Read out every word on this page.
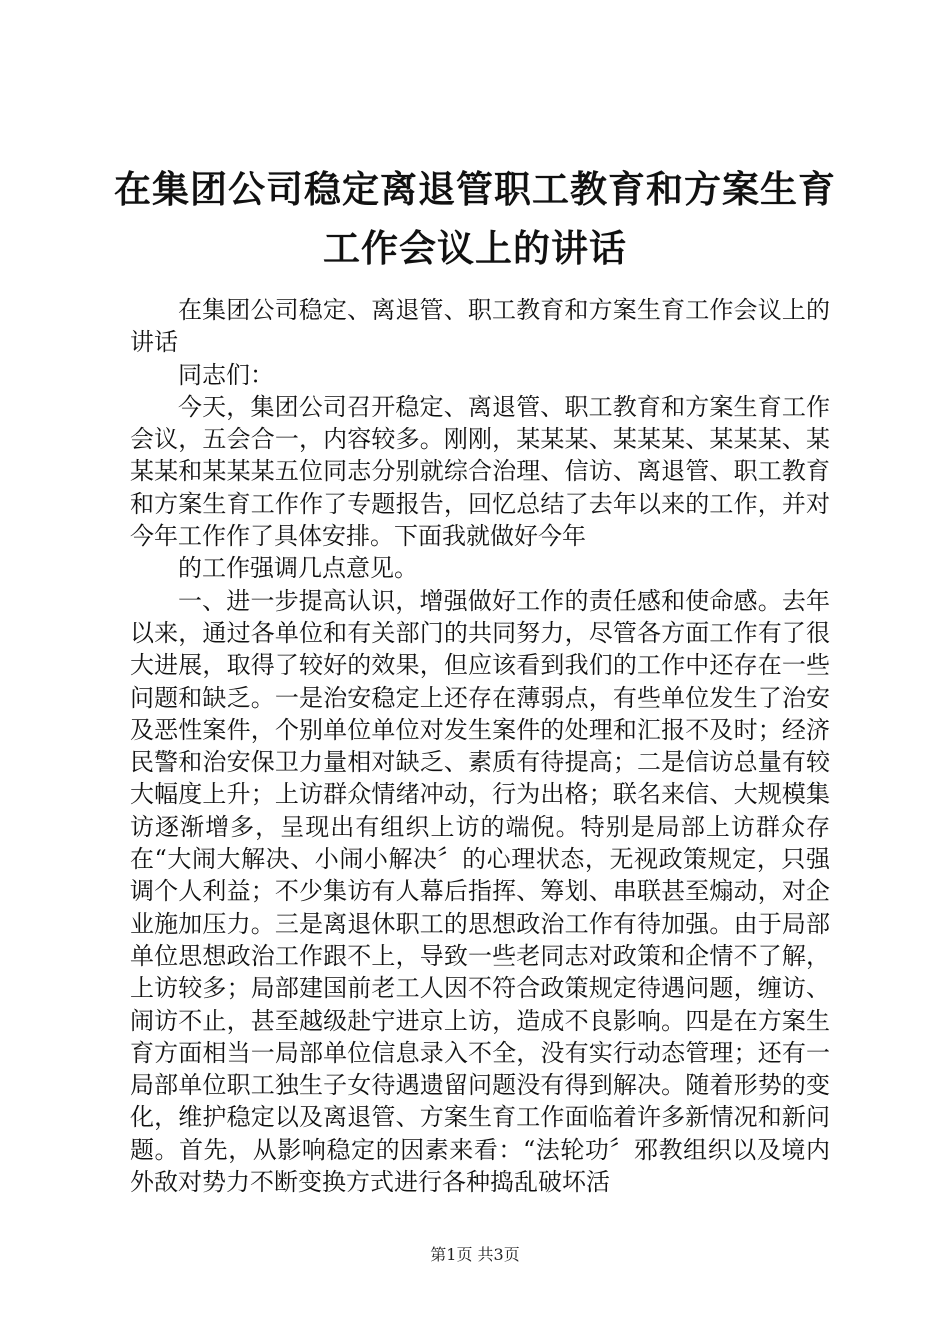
在集团公司稳定离退管职工教育和方案生育工作会议上的讲话

在集团公司稳定、离退管、职工教育和方案生育工作会议上的讲话

同志们：

今天，集团公司召开稳定、离退管、职工教育和方案生育工作会议，五会合一，内容较多。刚刚，某某某、某某某、某某某、某某某和某某某五位同志分别就综合治理、信访、离退管、职工教育和方案生育工作作了专题报告，回忆总结了去年以来的工作，并对今年工作作了具体安排。下面我就做好今年

的工作强调几点意见。

一、进一步提高认识，增强做好工作的责任感和使命感。去年以来，通过各单位和有关部门的共同努力，尽管各方面工作有了很大进展，取得了较好的效果，但应该看到我们的工作中还存在一些问题和缺乏。一是治安稳定上还存在薄弱点，有些单位发生了治安及恶性案件，个别单位单位对发生案件的处理和汇报不及时；经济民警和治安保卫力量相对缺乏、素质有待提高；二是信访总量有较大幅度上升；上访群众情绪冲动，行为出格；联名来信、大规模集访逐渐增多，呈现出有组织上访的端倪。特别是局部上访群众存在“大闹大解决、小闹小解决〞的心理状态，无视政策规定，只强调个人利益；不少集访有人幕后指挥、筹划、串联甚至煽动，对企业施加压力。三是离退休职工的思想政治工作有待加强。由于局部单位思想政治工作跟不上，导致一些老同志对政策和企情不了解，上访较多；局部建国前老工人因不符合政策规定待遇问题，缠访、闹访不止，甚至越级赴宁进京上访，造成不良影响。四是在方案生育方面相当一局部单位信息录入不全，没有实行动态管理；还有一局部单位职工独生子女待遇遗留问题没有得到解决。随着形势的变化，维护稳定以及离退管、方案生育工作面临着许多新情况和新问题。首先，从影响稳定的因素来看：“法轮功〞邪教组织以及境内外敌对势力不断变换方式进行各种捣乱破坏活

第1页 共3页
